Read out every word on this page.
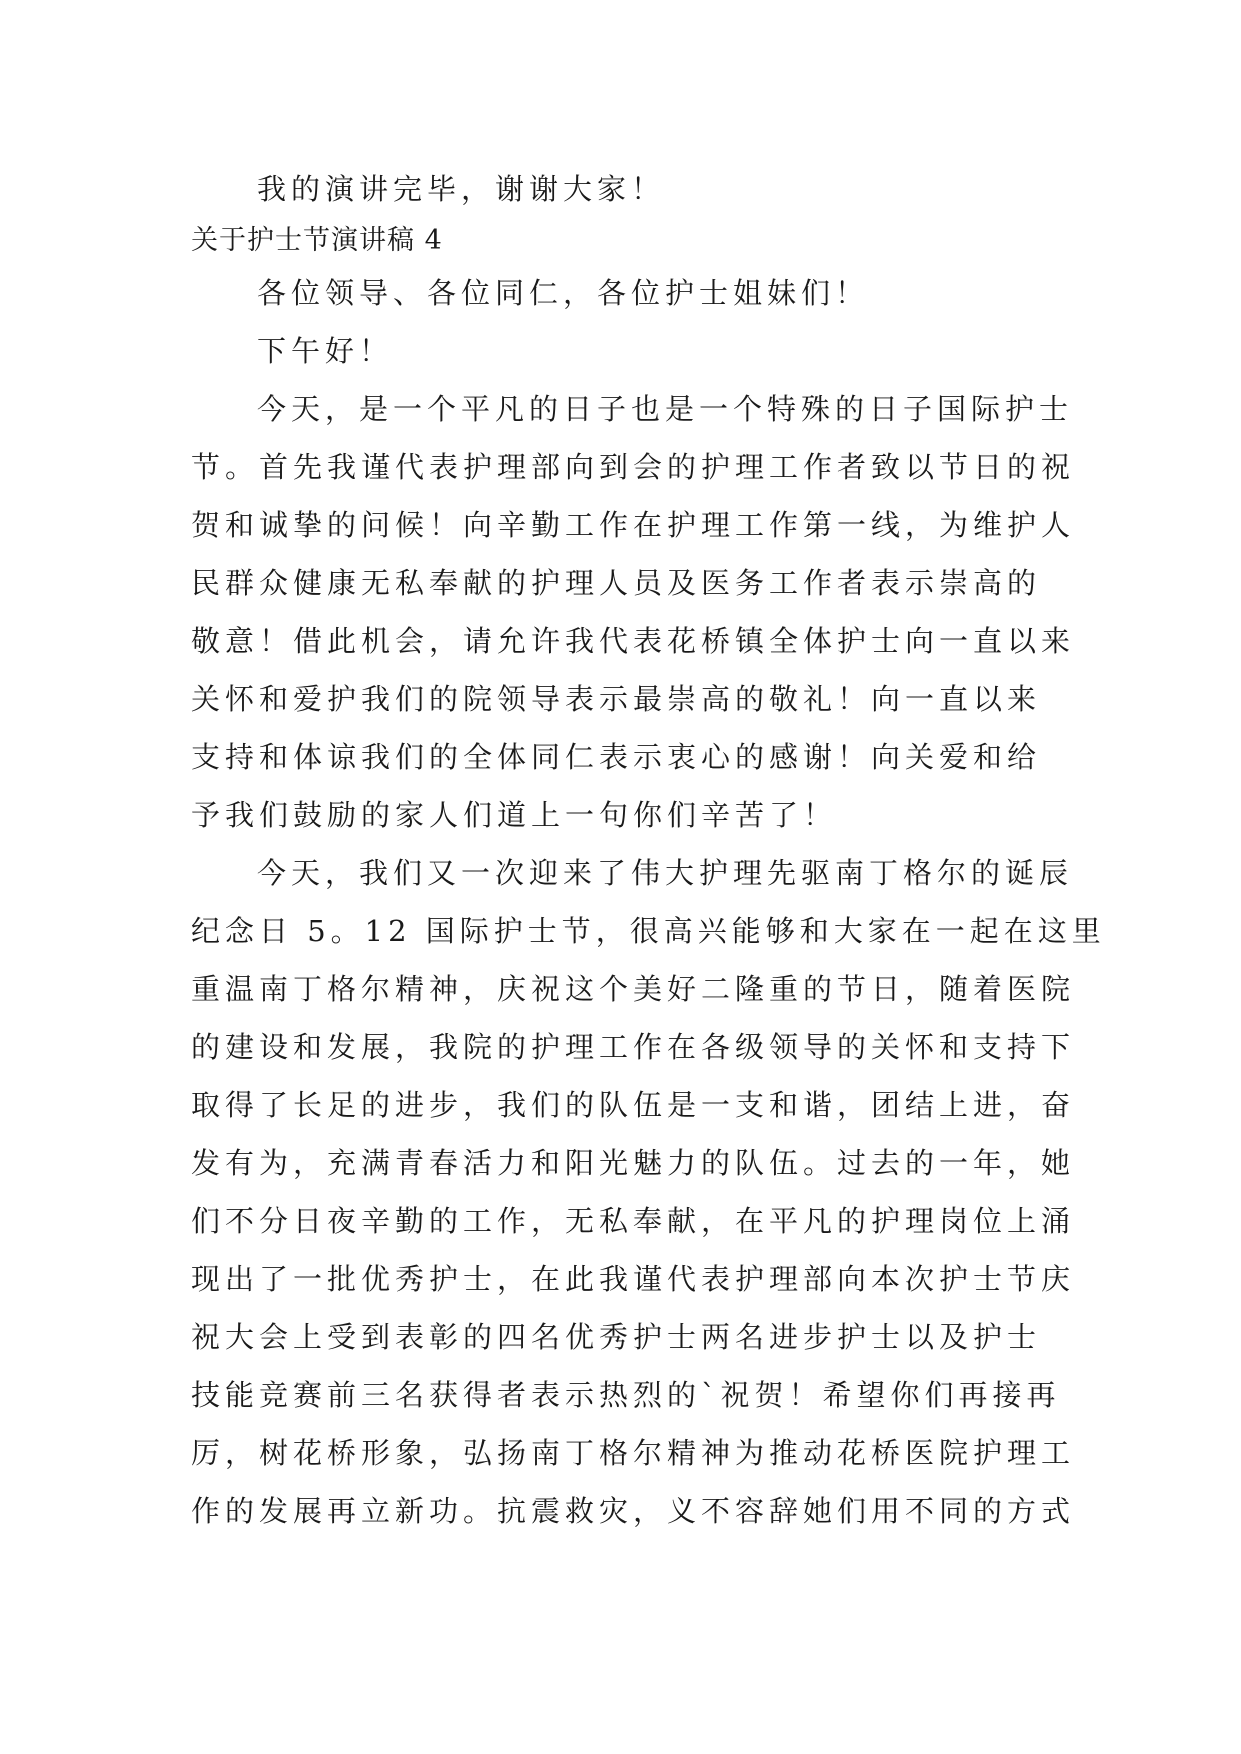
我的演讲完毕，谢谢大家！
关于护士节演讲稿 4
各位领导、各位同仁，各位护士姐妹们！
下午好！
今天，是一个平凡的日子也是一个特殊的日子国际护士
节。首先我谨代表护理部向到会的护理工作者致以节日的祝
贺和诚挚的问候！向辛勤工作在护理工作第一线，为维护人
民群众健康无私奉献的护理人员及医务工作者表示崇高的
敬意！借此机会，请允许我代表花桥镇全体护士向一直以来
关怀和爱护我们的院领导表示最崇高的敬礼！向一直以来
支持和体谅我们的全体同仁表示衷心的感谢！向关爱和给
予我们鼓励的家人们道上一句你们辛苦了！
今天，我们又一次迎来了伟大护理先驱南丁格尔的诞辰
纪念日 5。12 国际护士节，很高兴能够和大家在一起在这里
重温南丁格尔精神，庆祝这个美好二隆重的节日，随着医院
的建设和发展，我院的护理工作在各级领导的关怀和支持下
取得了长足的进步，我们的队伍是一支和谐，团结上进，奋
发有为，充满青春活力和阳光魅力的队伍。过去的一年，她
们不分日夜辛勤的工作，无私奉献，在平凡的护理岗位上涌
现出了一批优秀护士，在此我谨代表护理部向本次护士节庆
祝大会上受到表彰的四名优秀护士两名进步护士以及护士
技能竞赛前三名获得者表示热烈的`祝贺！希望你们再接再
厉，树花桥形象，弘扬南丁格尔精神为推动花桥医院护理工
作的发展再立新功。抗震救灾，义不容辞她们用不同的方式
